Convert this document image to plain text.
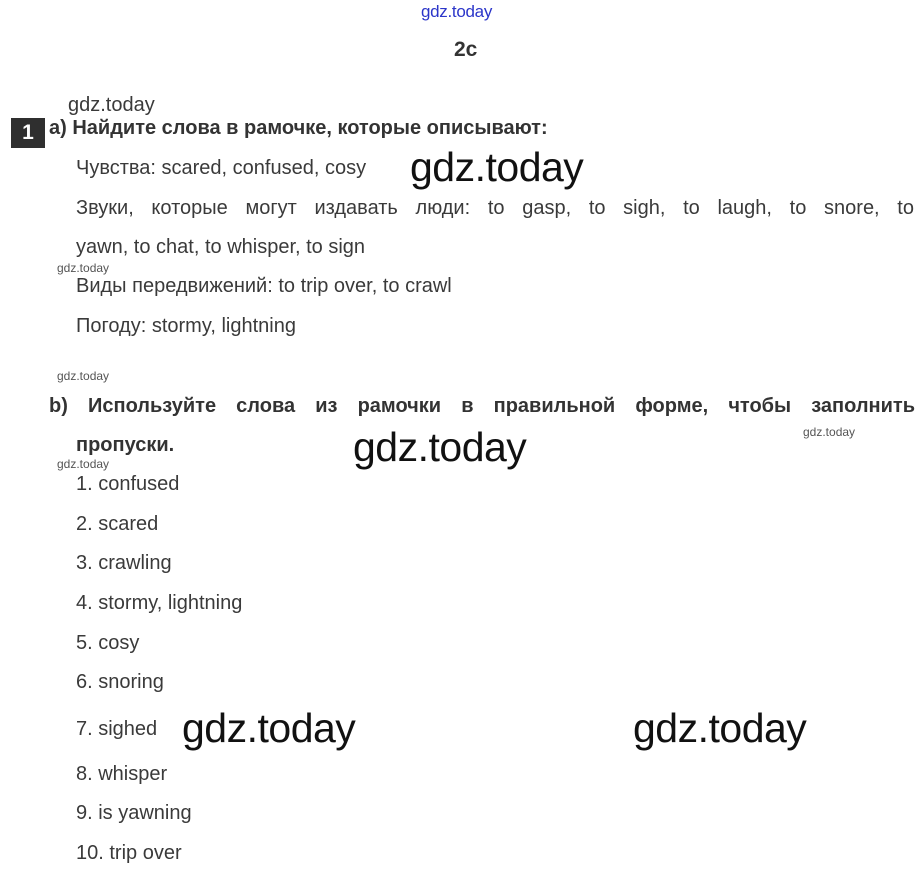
gdz.today
gdz.today
gdz.today
gdz.today
gdz.today
gdz.today
gdz.today
gdz.today
gdz.today	gdz.today
2c
1 a) Найдите слова в рамочке, которые описывают:
Чувства: scared, confused, cosy
Звуки, которые могут издавать люди: to gasp, to sigh, to laugh, to snore, to
yawn, to chat, to whisper, to sign
Виды передвижений: to trip over, to crawl
Погоду: stormy, lightning
b) Используйте слова из рамочки в правильной форме, чтобы заполнить
пропуски.
1. confused
2. scared
3. crawling
4. stormy, lightning
5. cosy
6. snoring
7. sighed
8. whisper
9. is yawning
10. trip over
